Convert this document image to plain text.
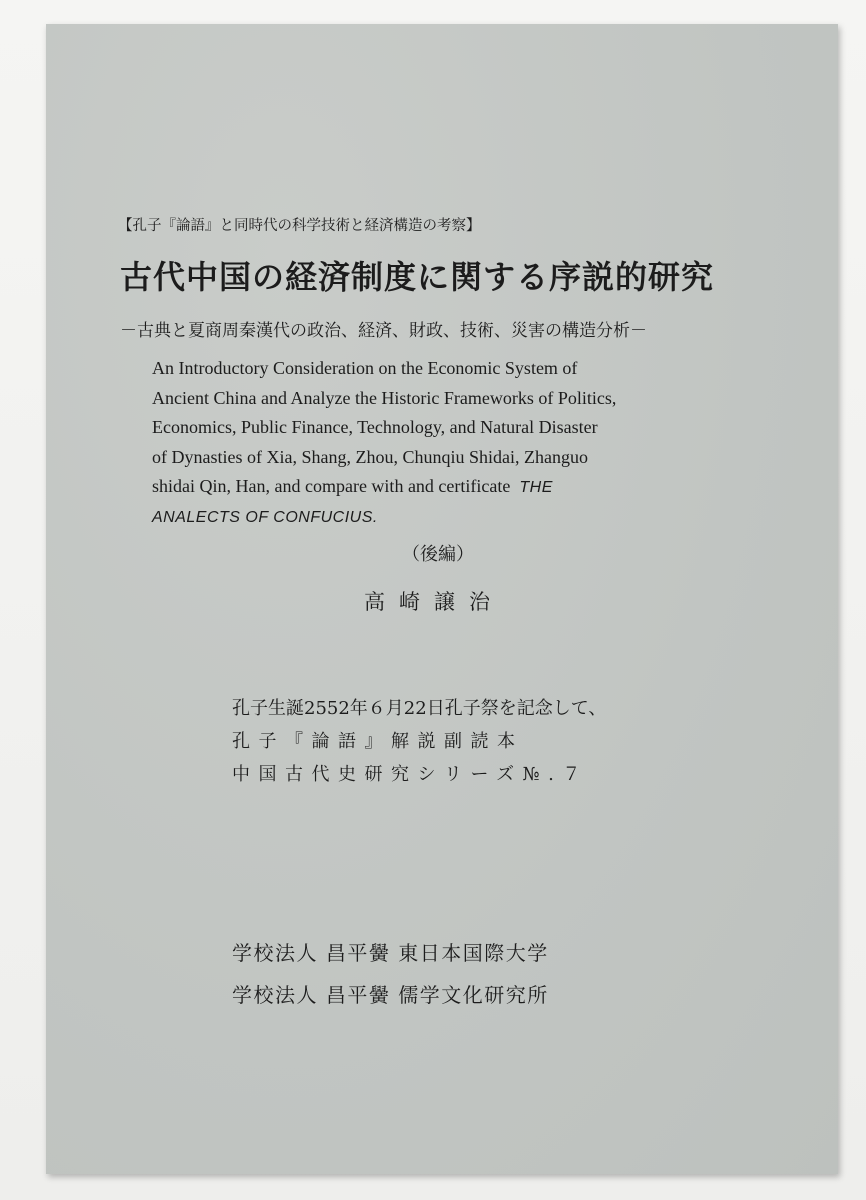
【孔子『論語』と同時代の科学技術と経済構造の考察】
古代中国の経済制度に関する序説的研究
－古典と夏商周秦漢代の政治、経済、財政、技術、災害の構造分析－
An Introductory Consideration on the Economic System of
Ancient China and Analyze the Historic Frameworks of Politics,
Economics, Public Finance, Technology, and Natural Disaster
of Dynasties of Xia, Shang, Zhou, Chunqiu Shidai, Zhanguo
shidai Qin, Han, and compare with and certificate THE
ANALECTS OF CONFUCIUS.
（後編）
高崎譲治
孔子生誕2552年６月22日孔子祭を記念して、
孔子『論語』解説副読本
中国古代史研究シリーズ№.７
学校法人 昌平黌 東日本国際大学
学校法人 昌平黌 儒学文化研究所
